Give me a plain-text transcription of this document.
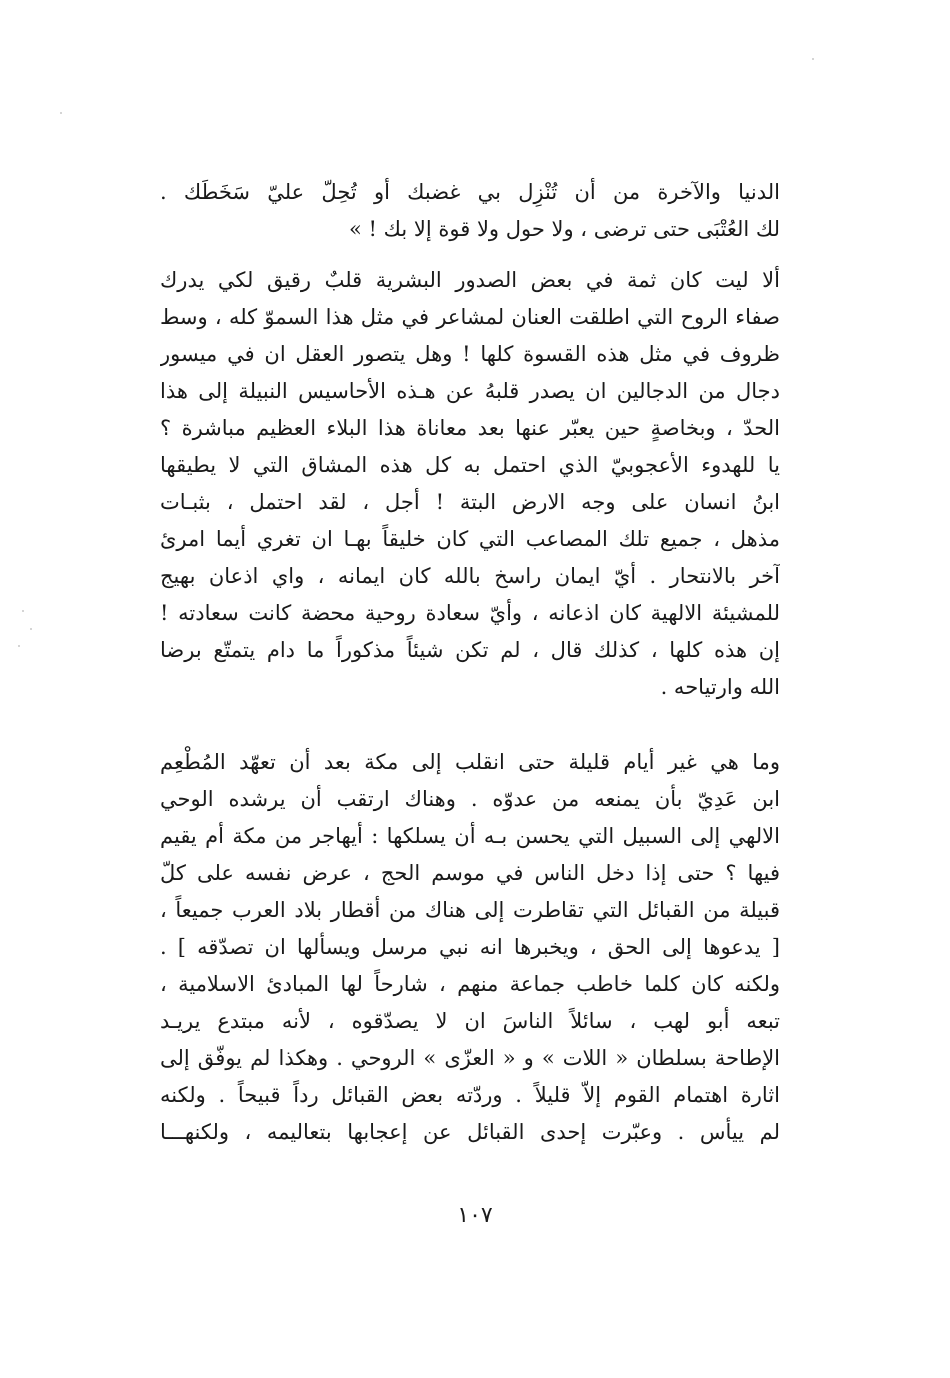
الدنيا والآخرة من أن تُنْزِل بي غضبك أو تُحِلّ عليّ سَخَطَك .
لك العُتْبَى حتى ترضى ، ولا حول ولا قوة إلا بك ! »
ألا ليت كان ثمة في بعض الصدور البشرية قلبٌ رقيق لكي يدرك
صفاء الروح التي اطلقت العنان لمشاعر في مثل هذا السموّ كله ، وسط
ظروف في مثل هذه القسوة كلها ! وهل يتصور العقل ان في ميسور
دجال من الدجالين ان يصدر قلبهُ عن هـذه الأحاسيس النبيلة إلى هذا
الحدّ ، وبخاصةٍ حين يعبّر عنها بعد معاناة هذا البلاء العظيم مباشرة ؟
يا للهدوء الأعجوبيّ الذي احتمل به كل هذه المشاق التي لا يطيقها
ابنُ انسان على وجه الارض البتة ! أجل ، لقد احتمل ، بثبـات
مذهل ، جميع تلك المصاعب التي كان خليقاً بهـا ان تغري أيما امرئ
آخر بالانتحار . أيّ ايمان راسخ بالله كان ايمانه ، واي اذعان بهيج
للمشيئة الالهية كان اذعانه ، وأيّ سعادة روحية محضة كانت سعادته !
إن هذه كلها ، كذلك قال ، لم تكن شيئاً مذكوراً ما دام يتمتّع برضا
الله وارتياحه .
وما هي غير أيام قليلة حتى انقلب إلى مكة بعد أن تعهّد المُطْعِم
ابن عَدِيّ بأن يمنعه من عدوّه . وهناك ارتقب أن يرشده الوحي
الالهي إلى السبيل التي يحسن بـه أن يسلكها : أيهاجر من مكة أم يقيم
فيها ؟ حتى إذا دخل الناس في موسم الحج ، عرض نفسه على كلّ
قبيلة من القبائل التي تقاطرت إلى هناك من أقطار بلاد العرب جميعاً ،
[ يدعوها إلى الحق ، ويخبرها انه نبي مرسل ويسألها ان تصدّقه ] .
ولكنه كان كلما خاطب جماعة منهم ، شارحاً لها المبادئ الاسلامية ،
تبعه أبو لهب ، سائلاً الناسَ ان لا يصدّقوه ، لأنه مبتدع يريـد
الإطاحة بسلطان « اللات » و « العزّى » الروحي . وهكذا لم يوفّق إلى
اثارة اهتمام القوم إلاّ قليلاً . وردّته بعض القبائل رداً قبيحاً . ولكنه
لم ييأس . وعبّرت إحدى القبائل عن إعجابها بتعاليمه ، ولكنهـــا
١٠٧
